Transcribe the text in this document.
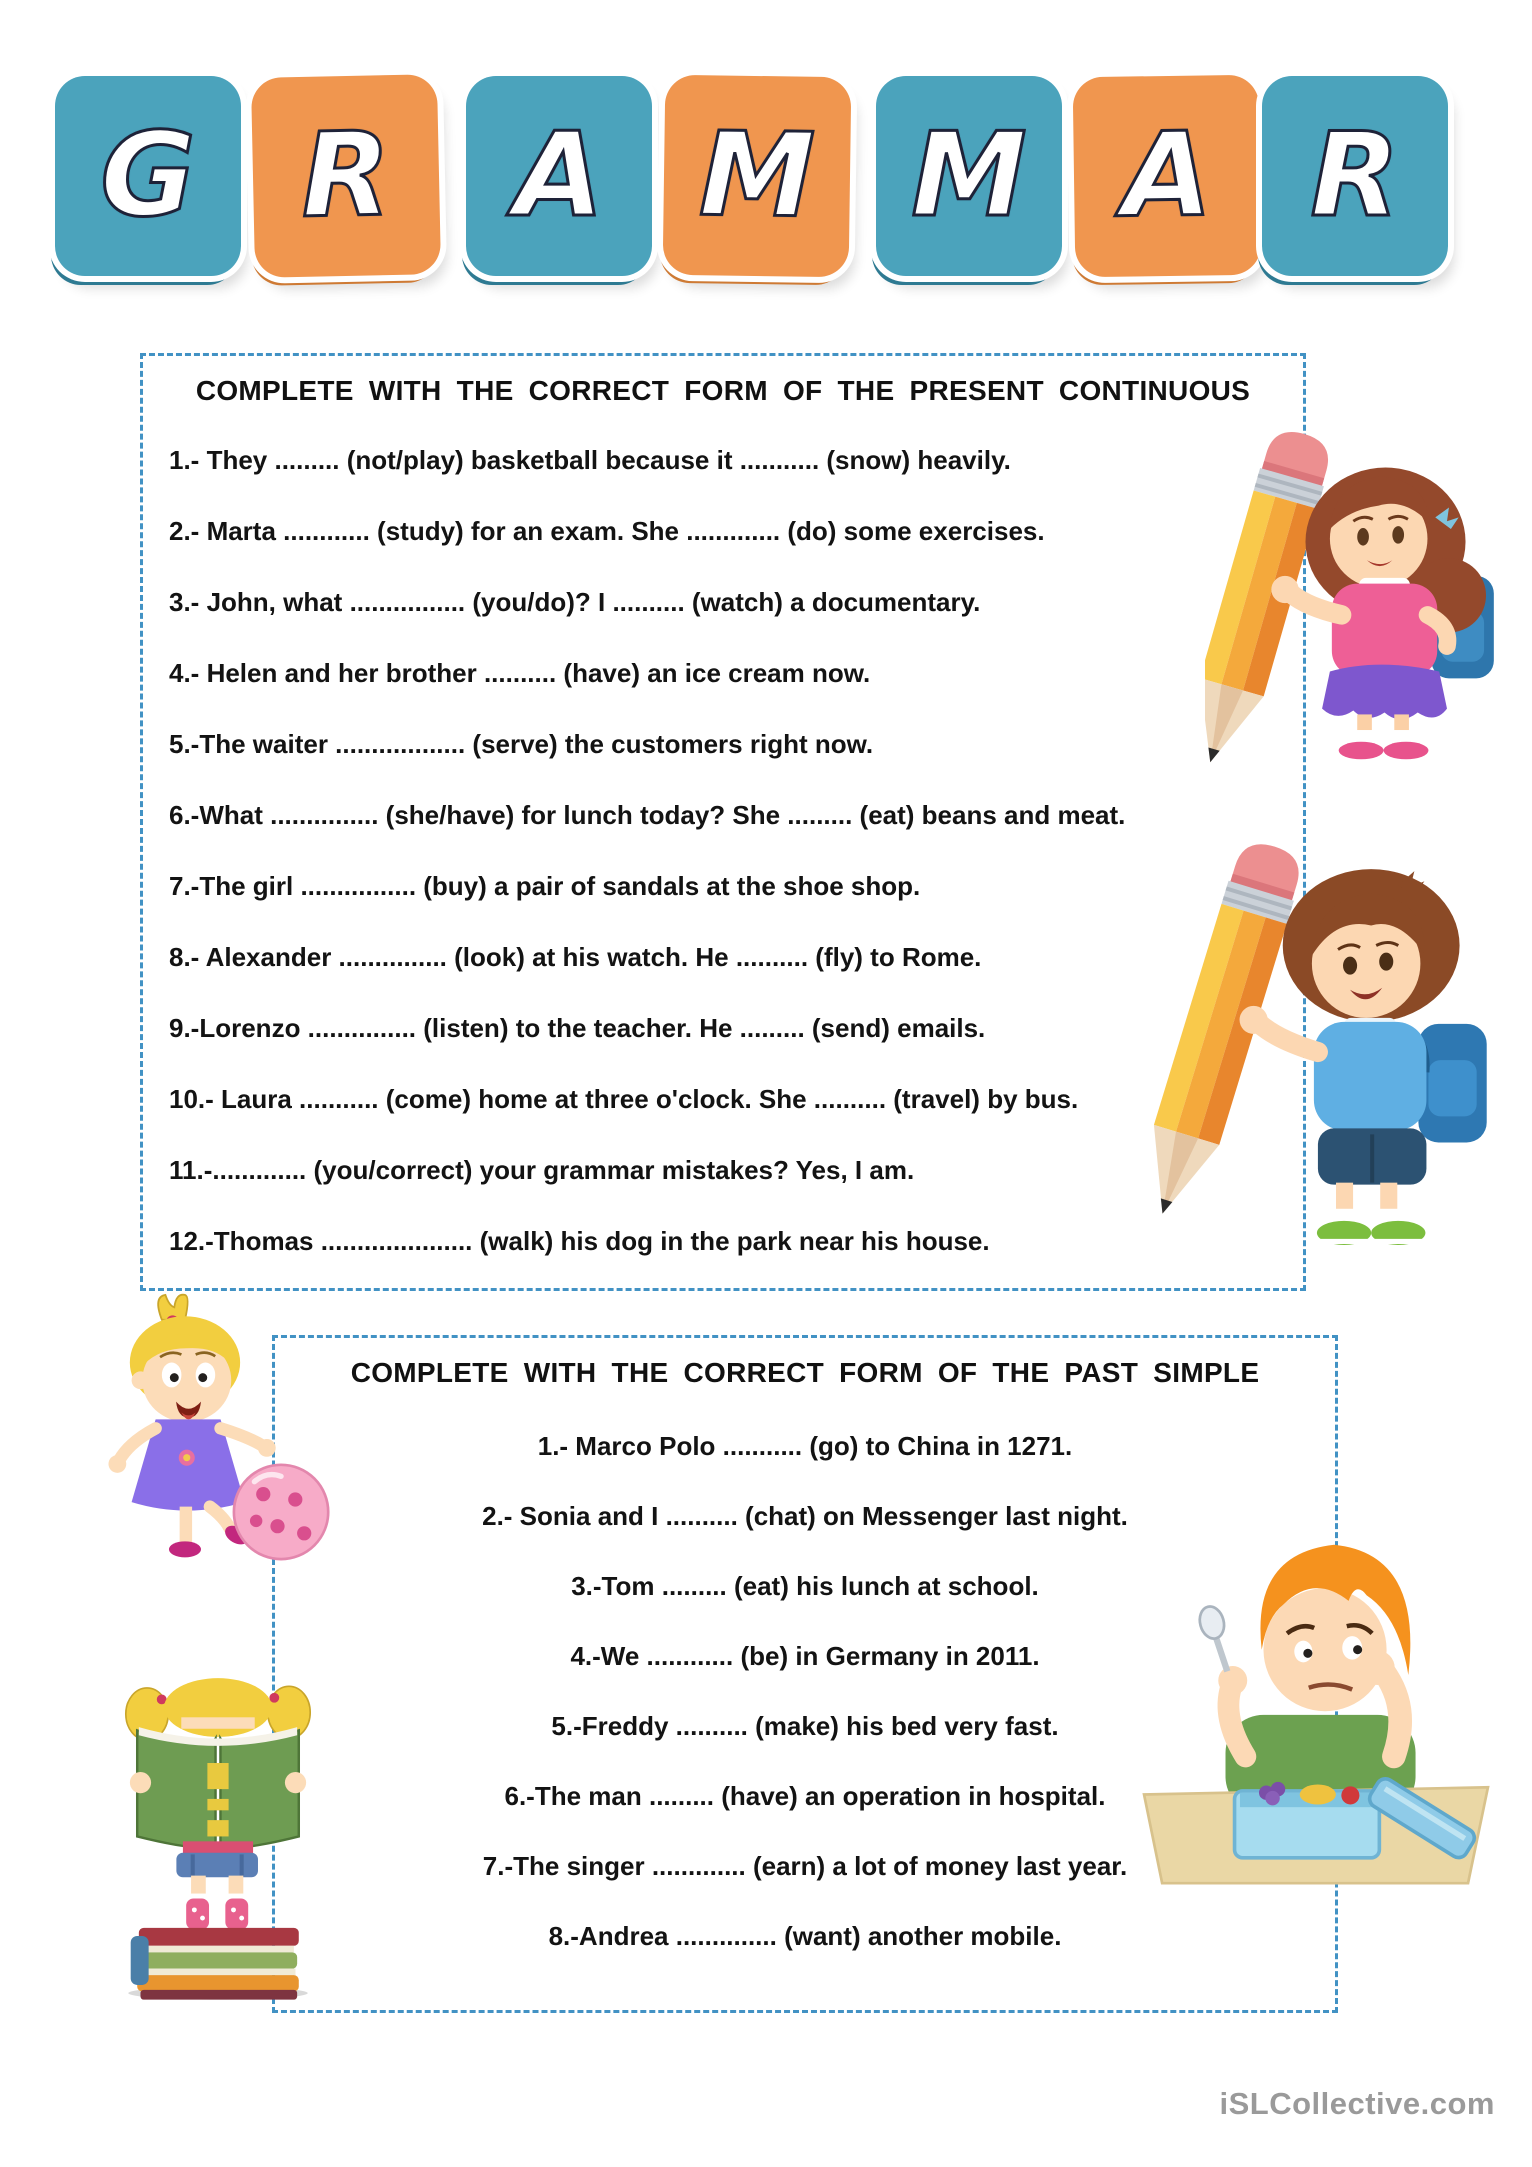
G R A M M A R
COMPLETE WITH THE CORRECT FORM OF THE PRESENT CONTINUOUS
1.- They ......... (not/play) basketball because it ........... (snow) heavily.
2.- Marta ............ (study) for an exam. She ............. (do) some exercises.
3.- John, what ................ (you/do)? I .......... (watch) a documentary.
4.- Helen and her brother .......... (have) an ice cream now.
5.-The waiter .................. (serve) the customers right now.
6.-What ............... (she/have) for lunch today? She ......... (eat) beans and meat.
7.-The girl ................ (buy) a pair of sandals at the shoe shop.
8.- Alexander ............... (look) at his watch. He .......... (fly) to Rome.
9.-Lorenzo ............... (listen) to the teacher. He ......... (send) emails.
10.- Laura ........... (come) home at three o'clock. She .......... (travel) by bus.
11.-............. (you/correct) your grammar mistakes? Yes, I am.
12.-Thomas ..................... (walk) his dog in the park near his house.
COMPLETE WITH THE CORRECT FORM OF THE PAST SIMPLE
1.- Marco Polo ........... (go) to China in 1271.
2.- Sonia and I .......... (chat) on Messenger last night.
3.-Tom ......... (eat) his lunch at school.
4.-We ............ (be) in Germany in 2011.
5.-Freddy .......... (make) his bed very fast.
6.-The man ......... (have) an operation in hospital.
7.-The singer ............. (earn) a lot of money last year.
8.-Andrea .............. (want) another mobile.
iSLCollective.com
